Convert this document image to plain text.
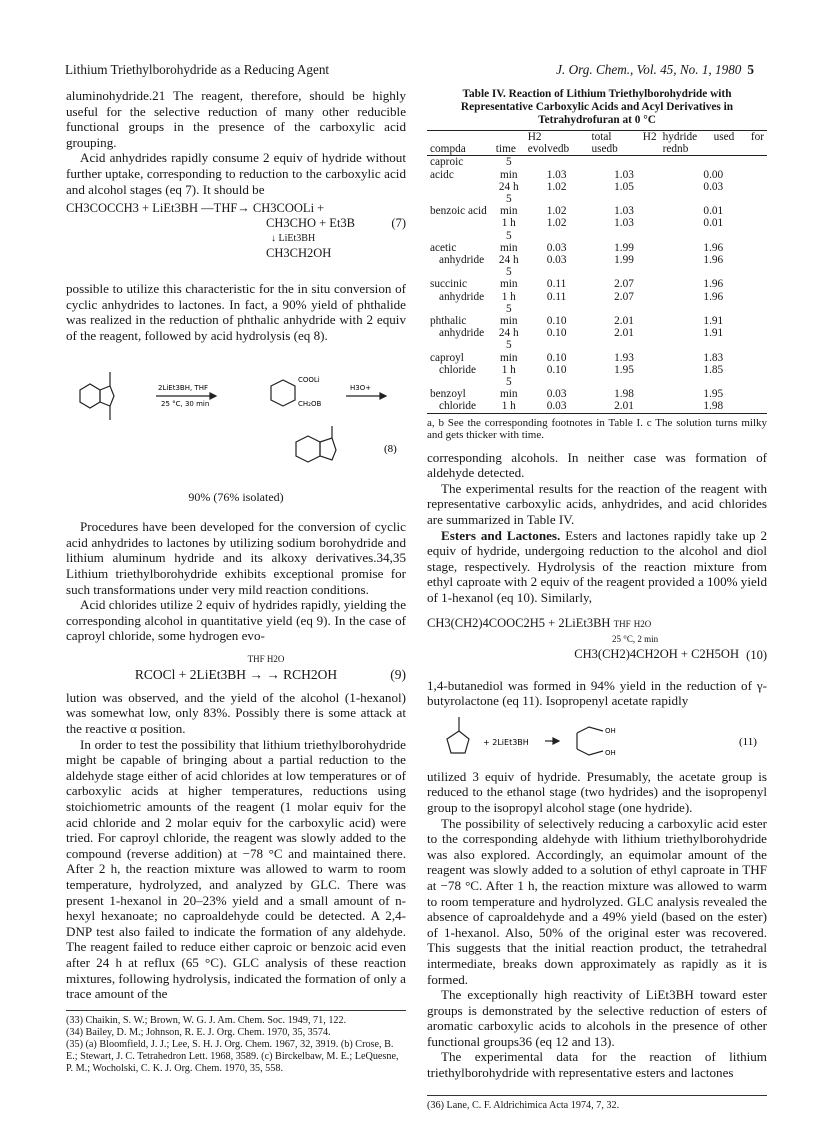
Lithium Triethylborohydride as a Reducing Agent	J. Org. Chem., Vol. 45, No. 1, 1980 5

aluminohydride.21 The reagent, therefore, should be highly useful for the selective reduction of many other reducible functional groups in the presence of the carboxylic acid grouping.

Acid anhydrides rapidly consume 2 equiv of hydride without further uptake, corresponding to reduction to the carboxylic acid and alcohol stages (eq 7). It should be

CH3COCCH3 + LiEt3BH —THF→ CH3COOLi +
CH3CHO + Et3B	(7)
↓ LiEt3BH
CH3CH2OH

possible to utilize this characteristic for the in situ conversion of cyclic anhydrides to lactones. In fact, a 90% yield of phthalide was realized in the reduction of phthalic anhydride with 2 equiv of the reagent, followed by acid hydrolysis (eq 8).

2LiEt3BH, THF
25 °C, 30 min
H3O+
COOLi
CH₂OB
(8)
90% (76% isolated)

Procedures have been developed for the conversion of cyclic acid anhydrides to lactones by utilizing sodium borohydride and lithium aluminum hydride and its alkoxy derivatives.34,35 Lithium triethylborohydride exhibits exceptional promise for such transformations under very mild reaction conditions.

Acid chlorides utilize 2 equiv of hydrides rapidly, yielding the corresponding alcohol in quantitative yield (eq 9). In the case of caproyl chloride, some hydrogen evo-

THF H2O
RCOCl + 2LiEt3BH → → RCH2OH	(9)

lution was observed, and the yield of the alcohol (1-hexanol) was somewhat low, only 83%. Possibly there is some attack at the reactive α position.

In order to test the possibility that lithium triethylborohydride might be capable of bringing about a partial reduction to the aldehyde stage either of acid chlorides at low temperatures or of carboxylic acids at higher temperatures, reductions using stoichiometric amounts of the reagent (1 molar equiv for the acid chloride and 2 molar equiv for the carboxylic acid) were tried. For caproyl chloride, the reagent was slowly added to the compound (reverse addition) at −78 °C and maintained there. After 2 h, the reaction mixture was allowed to warm to room temperature, hydrolyzed, and analyzed by GLC. There was present 1-hexanol in 20–23% yield and a small amount of n-hexyl hexanoate; no caproaldehyde could be detected. A 2,4-DNP test also failed to indicate the formation of any aldehyde. The reagent failed to reduce either caproic or benzoic acid even after 24 h at reflux (65 °C). GLC analysis of these reaction mixtures, following hydrolysis, indicated the formation of only a trace amount of the

(33) Chaikin, S. W.; Brown, W. G. J. Am. Chem. Soc. 1949, 71, 122.
(34) Bailey, D. M.; Johnson, R. E. J. Org. Chem. 1970, 35, 3574.
(35) (a) Bloomfield, J. J.; Lee, S. H. J. Org. Chem. 1967, 32, 3919. (b) Crose, B. E.; Stewart, J. C. Tetrahedron Lett. 1968, 3589. (c) Birckelbaw, M. E.; LeQuesne, P. M.; Wocholski, C. K. J. Org. Chem. 1970, 35, 558.
Table IV. Reaction of Lithium Triethylborohydride with Representative Carboxylic Acids and Acyl Derivatives in Tetrahydrofuran at 0 °C
compda	time	H2 evolvedb	total H2 usedb	hydride used for rednb
caproic acidc	5 min	1.03	1.03	0.00
	24 h	1.02	1.05	0.03
benzoic acid	5 min	1.02	1.03	0.01
	1 h	1.02	1.03	0.01
acetic	5 min	0.03	1.99	1.96
anhydride	24 h	0.03	1.99	1.96
succinic	5 min	0.11	2.07	1.96
anhydride	1 h	0.11	2.07	1.96
phthalic	5 min	0.10	2.01	1.91
anhydride	24 h	0.10	2.01	1.91
caproyl	5 min	0.10	1.93	1.83
chloride	1 h	0.10	1.95	1.85
benzoyl	5 min	0.03	1.98	1.95
chloride	1 h	0.03	2.01	1.98
a, b See the corresponding footnotes in Table I. c The solution turns milky and gets thicker with time.

corresponding alcohols. In neither case was formation of aldehyde detected.

The experimental results for the reaction of the reagent with representative carboxylic acids, anhydrides, and acid chlorides are summarized in Table IV.

Esters and Lactones. Esters and lactones rapidly take up 2 equiv of hydride, undergoing reduction to the alcohol and diol stage, respectively. Hydrolysis of the reaction mixture from ethyl caproate with 2 equiv of the reagent provided a 100% yield of 1-hexanol (eq 10). Similarly,

CH3(CH2)4COOC2H5 + 2LiEt3BH THF H2O
25 °C, 2 min
CH3(CH2)4CH2OH + C2H5OH (10)

1,4-butanediol was formed in 94% yield in the reduction of γ-butyrolactone (eq 11). Isopropenyl acetate rapidly

+ 2LiEt3BH
OH
OH
(11)

utilized 3 equiv of hydride. Presumably, the acetate group is reduced to the ethanol stage (two hydrides) and the isopropenyl group to the isopropyl alcohol stage (one hydride).

The possibility of selectively reducing a carboxylic acid ester to the corresponding aldehyde with lithium triethylborohydride was also explored. Accordingly, an equimolar amount of the reagent was slowly added to a solution of ethyl caproate in THF at −78 °C. After 1 h, the reaction mixture was allowed to warm to room temperature and hydrolyzed. GLC analysis revealed the absence of caproaldehyde and a 49% yield (based on the ester) of 1-hexanol. Also, 50% of the original ester was recovered. This suggests that the initial reaction product, the tetrahedral intermediate, breaks down approximately as rapidly as it is formed.

The exceptionally high reactivity of LiEt3BH toward ester groups is demonstrated by the selective reduction of esters of aromatic carboxylic acids to alcohols in the presence of other functional groups36 (eq 12 and 13).

The experimental data for the reaction of lithium triethylborohydride with representative esters and lactones

(36) Lane, C. F. Aldrichimica Acta 1974, 7, 32.
